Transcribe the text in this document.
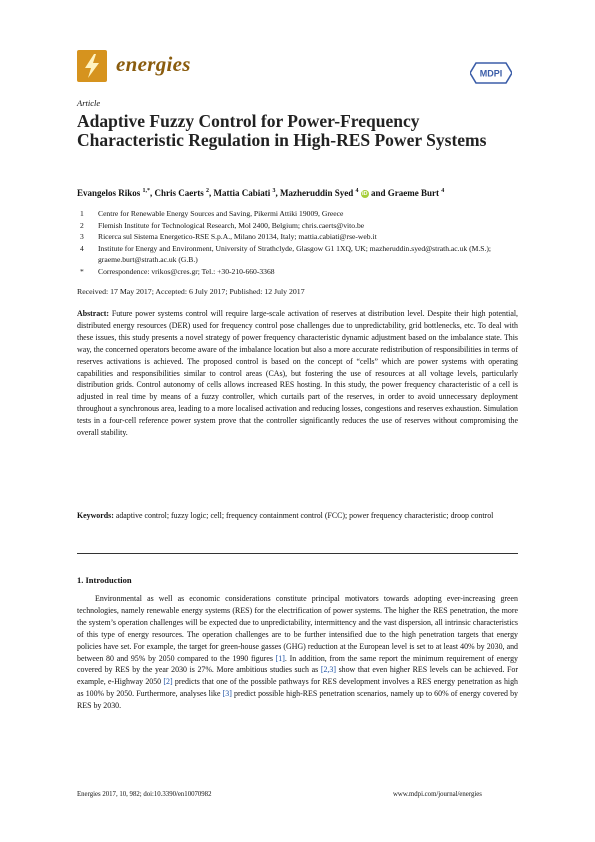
energies	MDPI
Article
Adaptive Fuzzy Control for Power-Frequency Characteristic Regulation in High-RES Power Systems
Evangelos Rikos $^{1,*}$, Chris Caerts $^2$, Mattia Cabiati $^3$, Mazheruddin Syed $^4$ iD and Graeme Burt $^4$
1	Centre for Renewable Energy Sources and Saving, Pikermi Attiki 19009, Greece
2	Flemish Institute for Technological Research, Mol 2400, Belgium; chris.caerts@vito.be
3	Ricerca sul Sistema Energetico-RSE S.p.A., Milano 20134, Italy; mattia.cabiati@rse-web.it
4	Institute for Energy and Environment, University of Strathclyde, Glasgow G1 1XQ, UK; mazheruddin.syed@strath.ac.uk (M.S.); graeme.burt@strath.ac.uk (G.B.)
*	Correspondence: vrikos@cres.gr; Tel.: +30-210-660-3368
Received: 17 May 2017; Accepted: 6 July 2017; Published: 12 July 2017
Abstract: Future power systems control will require large-scale activation of reserves at distribution level. Despite their high potential, distributed energy resources (DER) used for frequency control pose challenges due to unpredictability, grid bottlenecks, etc. To deal with these issues, this study presents a novel strategy of power frequency characteristic dynamic adjustment based on the imbalance state. This way, the concerned operators become aware of the imbalance location but also a more accurate redistribution of responsibilities in terms of reserves activations is achieved. The proposed control is based on the concept of “cells” which are power systems with operating capabilities and responsibilities similar to control areas (CAs), but fostering the use of resources at all voltage levels, particularly distribution grids. Control autonomy of cells allows increased RES hosting. In this study, the power frequency characteristic of a cell is adjusted in real time by means of a fuzzy controller, which curtails part of the reserves, in order to avoid unnecessary deployment throughout a synchronous area, leading to a more localised activation and reducing losses, congestions and reserves exhaustion. Simulation tests in a four-cell reference power system prove that the controller significantly reduces the use of reserves without compromising the overall stability.
Keywords: adaptive control; fuzzy logic; cell; frequency containment control (FCC); power frequency characteristic; droop control
1. Introduction
Environmental as well as economic considerations constitute principal motivators towards adopting ever-increasing green technologies, namely renewable energy systems (RES) for the electrification of power systems. The higher the RES penetration, the more the system’s operation challenges will be expected due to unpredictability, intermittency and the vast dispersion, all intrinsic characteristics of this type of energy resources. The operation challenges are to be further intensified due to the high penetration targets that energy policies have set. For example, the target for green-house gasses (GHG) reduction at the European level is set to at least 40% by 2030, and between 80 and 95% by 2050 compared to the 1990 figures [1]. In addition, from the same report the minimum requirement of energy covered by RES by the year 2030 is 27%. More ambitious studies such as [2,3] show that even higher RES levels can be achieved. For example, e-Highway 2050 [2] predicts that one of the possible pathways for RES development involves a RES energy penetration as high as 100% by 2050. Furthermore, analyses like [3] predict possible high-RES penetration scenarios, namely up to 60% of energy covered by RES by 2030.
Energies 2017, 10, 982; doi:10.3390/en10070982	www.mdpi.com/journal/energies
